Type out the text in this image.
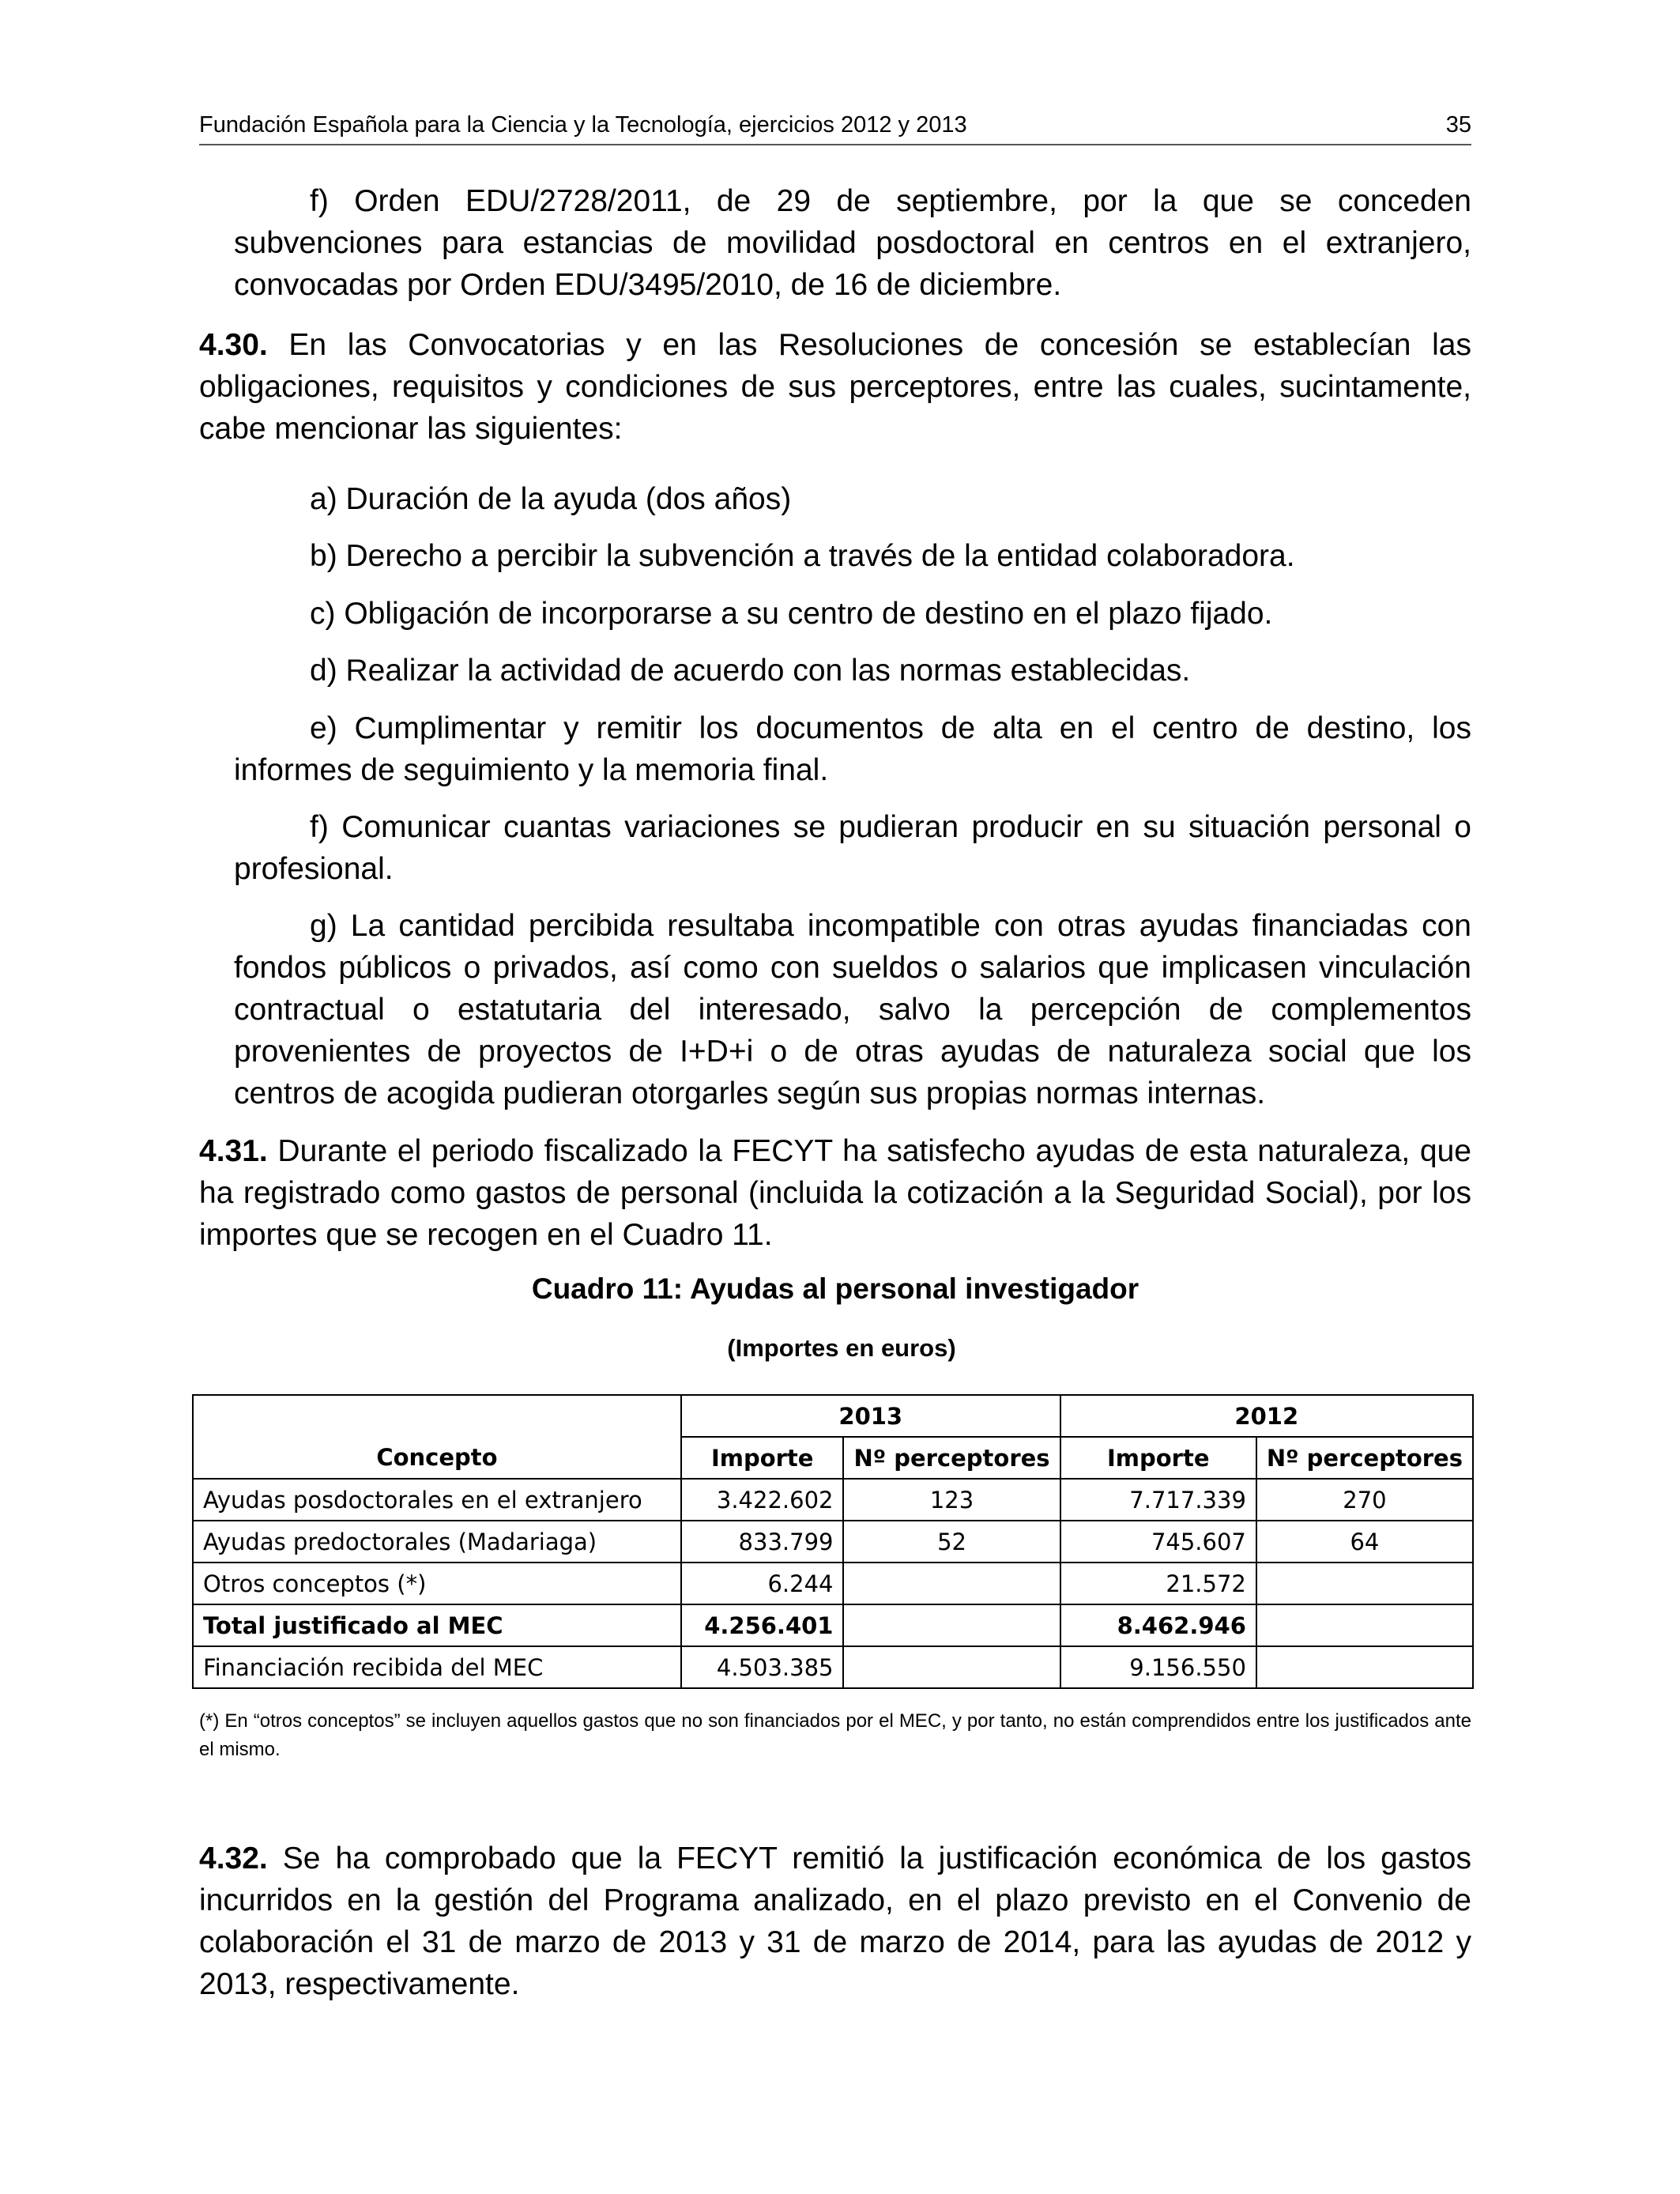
Fundación Española para la Ciencia y la Tecnología, ejercicios 2012 y 2013	35
f) Orden EDU/2728/2011, de 29 de septiembre, por la que se conceden subvenciones para estancias de movilidad posdoctoral en centros en el extranjero, convocadas por Orden EDU/3495/2010, de 16 de diciembre.
4.30. En las Convocatorias y en las Resoluciones de concesión se establecían las obligaciones, requisitos y condiciones de sus perceptores, entre las cuales, sucintamente, cabe mencionar las siguientes:
a) Duración de la ayuda (dos años)
b) Derecho a percibir la subvención a través de la entidad colaboradora.
c) Obligación de incorporarse a su centro de destino en el plazo fijado.
d) Realizar la actividad de acuerdo con las normas establecidas.
e) Cumplimentar y remitir los documentos de alta en el centro de destino, los informes de seguimiento y la memoria final.
f) Comunicar cuantas variaciones se pudieran producir en su situación personal o profesional.
g) La cantidad percibida resultaba incompatible con otras ayudas financiadas con fondos públicos o privados, así como con sueldos o salarios que implicasen vinculación contractual o estatutaria del interesado, salvo la percepción de complementos provenientes de proyectos de I+D+i o de otras ayudas de naturaleza social que los centros de acogida pudieran otorgarles según sus propias normas internas.
4.31. Durante el periodo fiscalizado la FECYT ha satisfecho ayudas de esta naturaleza, que ha registrado como gastos de personal (incluida la cotización a la Seguridad Social), por los importes que se recogen en el Cuadro 11.
Cuadro 11: Ayudas al personal investigador
(Importes en euros)
	2013		2012	
Concepto	Importe	Nº perceptores	Importe	Nº perceptores
Ayudas posdoctorales en el extranjero	3.422.602	123	7.717.339	270
Ayudas predoctorales (Madariaga)	833.799	52	745.607	64
Otros conceptos (*)	6.244		21.572	
Total justificado al MEC	4.256.401		8.462.946	
Financiación recibida del MEC	4.503.385		9.156.550	
(*) En “otros conceptos” se incluyen aquellos gastos que no son financiados por el MEC, y por tanto, no están comprendidos entre los justificados ante el mismo.
4.32. Se ha comprobado que la FECYT remitió la justificación económica de los gastos incurridos en la gestión del Programa analizado, en el plazo previsto en el Convenio de colaboración el 31 de marzo de 2013 y 31 de marzo de 2014, para las ayudas de 2012 y 2013, respectivamente.
